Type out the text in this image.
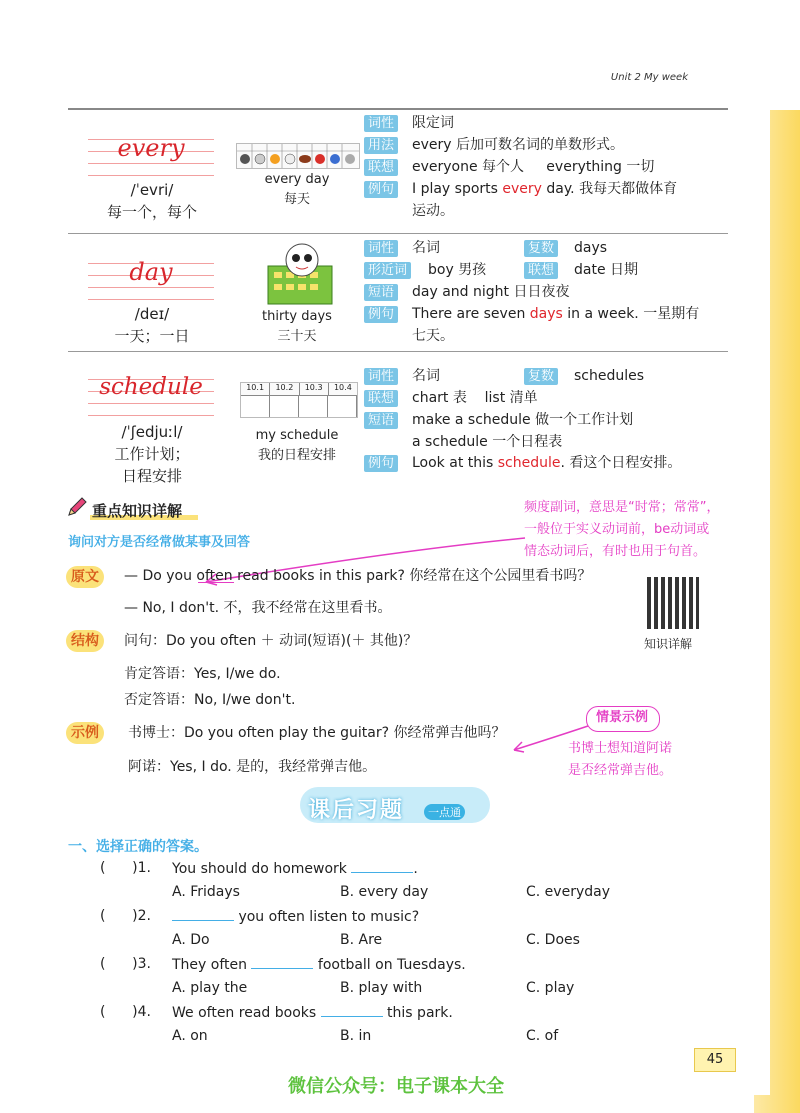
Unit 2 My week
every
/ˈevri/
每一个，每个
every day
每天
词性 限定词
用法 every 后加可数名词的单数形式。
联想 everyone 每个人     everything 一切
例句 I play sports every day. 我每天都做体育
运动。
day
/deɪ/
一天；一日
thirty days
三十天
词性 名词	复数 days
形近词 boy 男孩	联想 date 日期
短语 day and night 日日夜夜
例句 There are seven days in a week. 一星期有
七天。
schedule
/ˈʃedjuːl/
工作计划；
日程安排
10.1	10.2	10.3	10.4
my schedule
我的日程安排
词性 名词	复数 schedules
联想 chart 表    list 清单
短语 make a schedule 做一个工作计划
a schedule 一个日程表
例句 Look at this schedule. 看这个日程安排。
重点知识详解
询问对方是否经常做某事及回答
频度副词，意思是“时常；常常”，
一般位于实义动词前，be动词或
情态动词后，有时也用于句首。
原文	— Do you often read books in this park? 你经常在这个公园里看书吗？
— No, I don't. 不，我不经常在这里看书。
知识详解
结构	问句：Do you often ＋ 动词(短语)(＋ 其他)？
肯定答语：Yes, I/we do.
否定答语：No, I/we don't.
示例	书博士：Do you often play the guitar? 你经常弹吉他吗？
阿诺：Yes, I do. 是的，我经常弹吉他。
情景示例
书博士想知道阿诺
是否经常弹吉他。
课后习题	一点通
一、选择正确的答案。
(      )1. You should do homework	.
A. Fridays	B. every day	C. everyday
(      )2.	you often listen to music?
A. Do	B. Are	C. Does
(      )3. They often	football on Tuesdays.
A. play the	B. play with	C. play
(      )4. We often read books	this park.
A. on	B. in	C. of
45
微信公众号：电子课本大全
